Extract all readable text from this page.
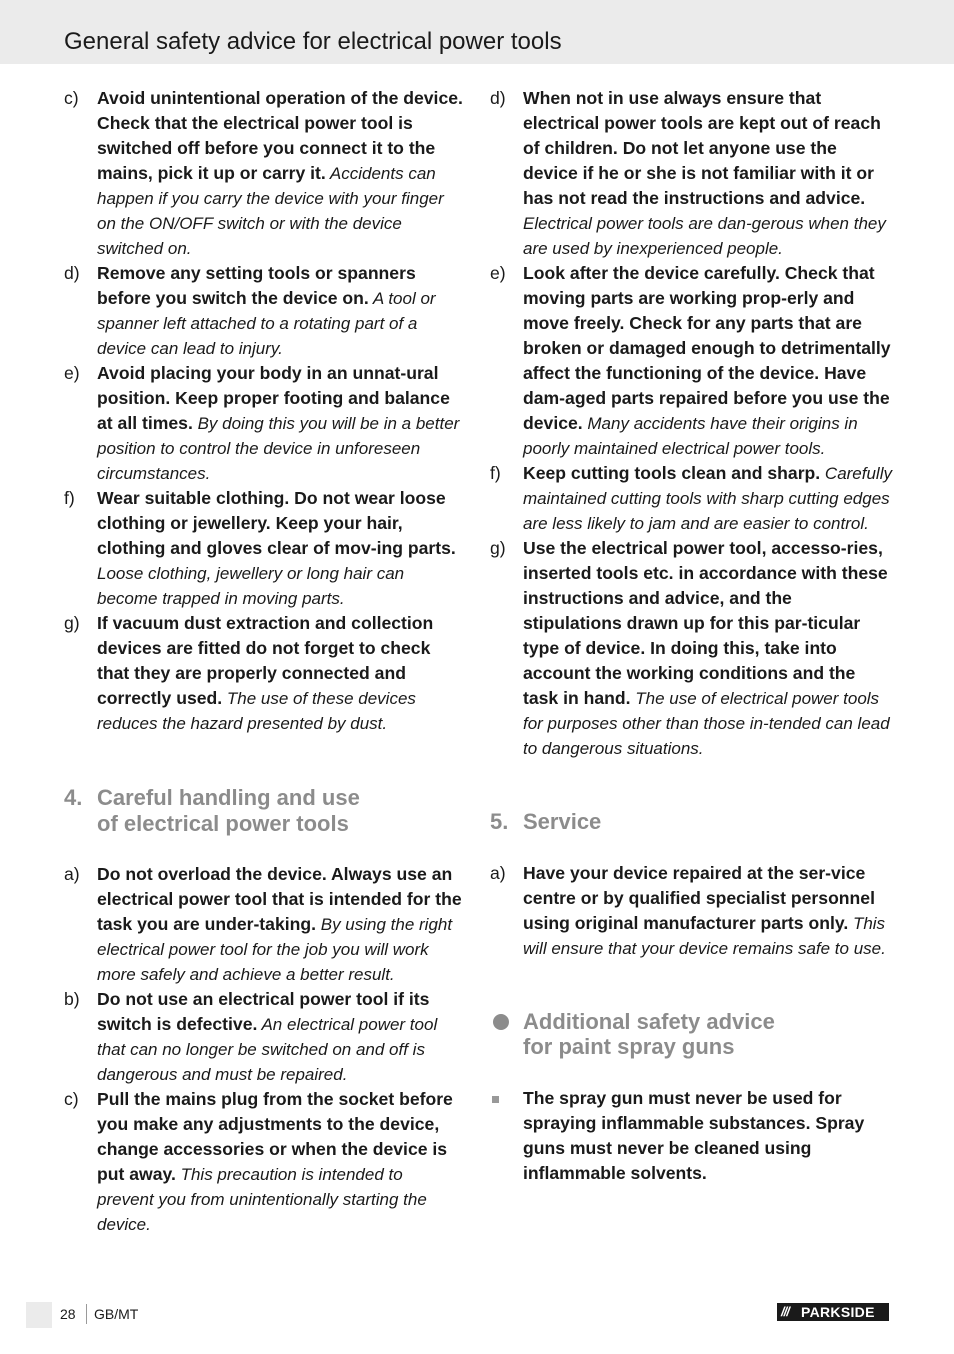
General safety advice for electrical power tools
c) Avoid unintentional operation of the device. Check that the electrical power tool is switched off before you connect it to the mains, pick it up or carry it. Accidents can happen if you carry the device with your finger on the ON/OFF switch or with the device switched on.
d) Remove any setting tools or spanners before you switch the device on. A tool or spanner left attached to a rotating part of a device can lead to injury.
e) Avoid placing your body in an unnat-ural position. Keep proper footing and balance at all times. By doing this you will be in a better position to control the device in unforeseen circumstances.
f) Wear suitable clothing. Do not wear loose clothing or jewellery. Keep your hair, clothing and gloves clear of mov-ing parts. Loose clothing, jewellery or long hair can become trapped in moving parts.
g) If vacuum dust extraction and collection devices are fitted do not forget to check that they are properly connected and correctly used. The use of these devices reduces the hazard presented by dust.
4. Careful handling and use
of electrical power tools
a) Do not overload the device. Always use an electrical power tool that is intended for the task you are under-taking. By using the right electrical power tool for the job you will work more safely and achieve a better result.
b) Do not use an electrical power tool if its switch is defective. An electrical power tool that can no longer be switched on and off is dangerous and must be repaired.
c) Pull the mains plug from the socket before you make any adjustments to the device, change accessories or when the device is put away. This precaution is intended to prevent you from unintentionally starting the device.
d) When not in use always ensure that electrical power tools are kept out of reach of children. Do not let anyone use the device if he or she is not familiar with it or has not read the instructions and advice. Electrical power tools are dan-gerous when they are used by inexperienced people.
e) Look after the device carefully. Check that moving parts are working prop-erly and move freely. Check for any parts that are broken or damaged enough to detrimentally affect the functioning of the device. Have dam-aged parts repaired before you use the device. Many accidents have their origins in poorly maintained electrical power tools.
f) Keep cutting tools clean and sharp. Carefully maintained cutting tools with sharp cutting edges are less likely to jam and are easier to control.
g) Use the electrical power tool, accesso-ries, inserted tools etc. in accordance with these instructions and advice, and the stipulations drawn up for this par-ticular type of device. In doing this, take into account the working conditions and the task in hand. The use of electrical power tools for purposes other than those in-tended can lead to dangerous situations.
5. Service
a) Have your device repaired at the ser-vice centre or by qualified specialist personnel using original manufacturer parts only. This will ensure that your device remains safe to use.
Additional safety advice
for paint spray guns
The spray gun must never be used for spraying inflammable substances. Spray guns must never be cleaned using inflammable solvents.
28 GB/MT	/// PARKSIDE
